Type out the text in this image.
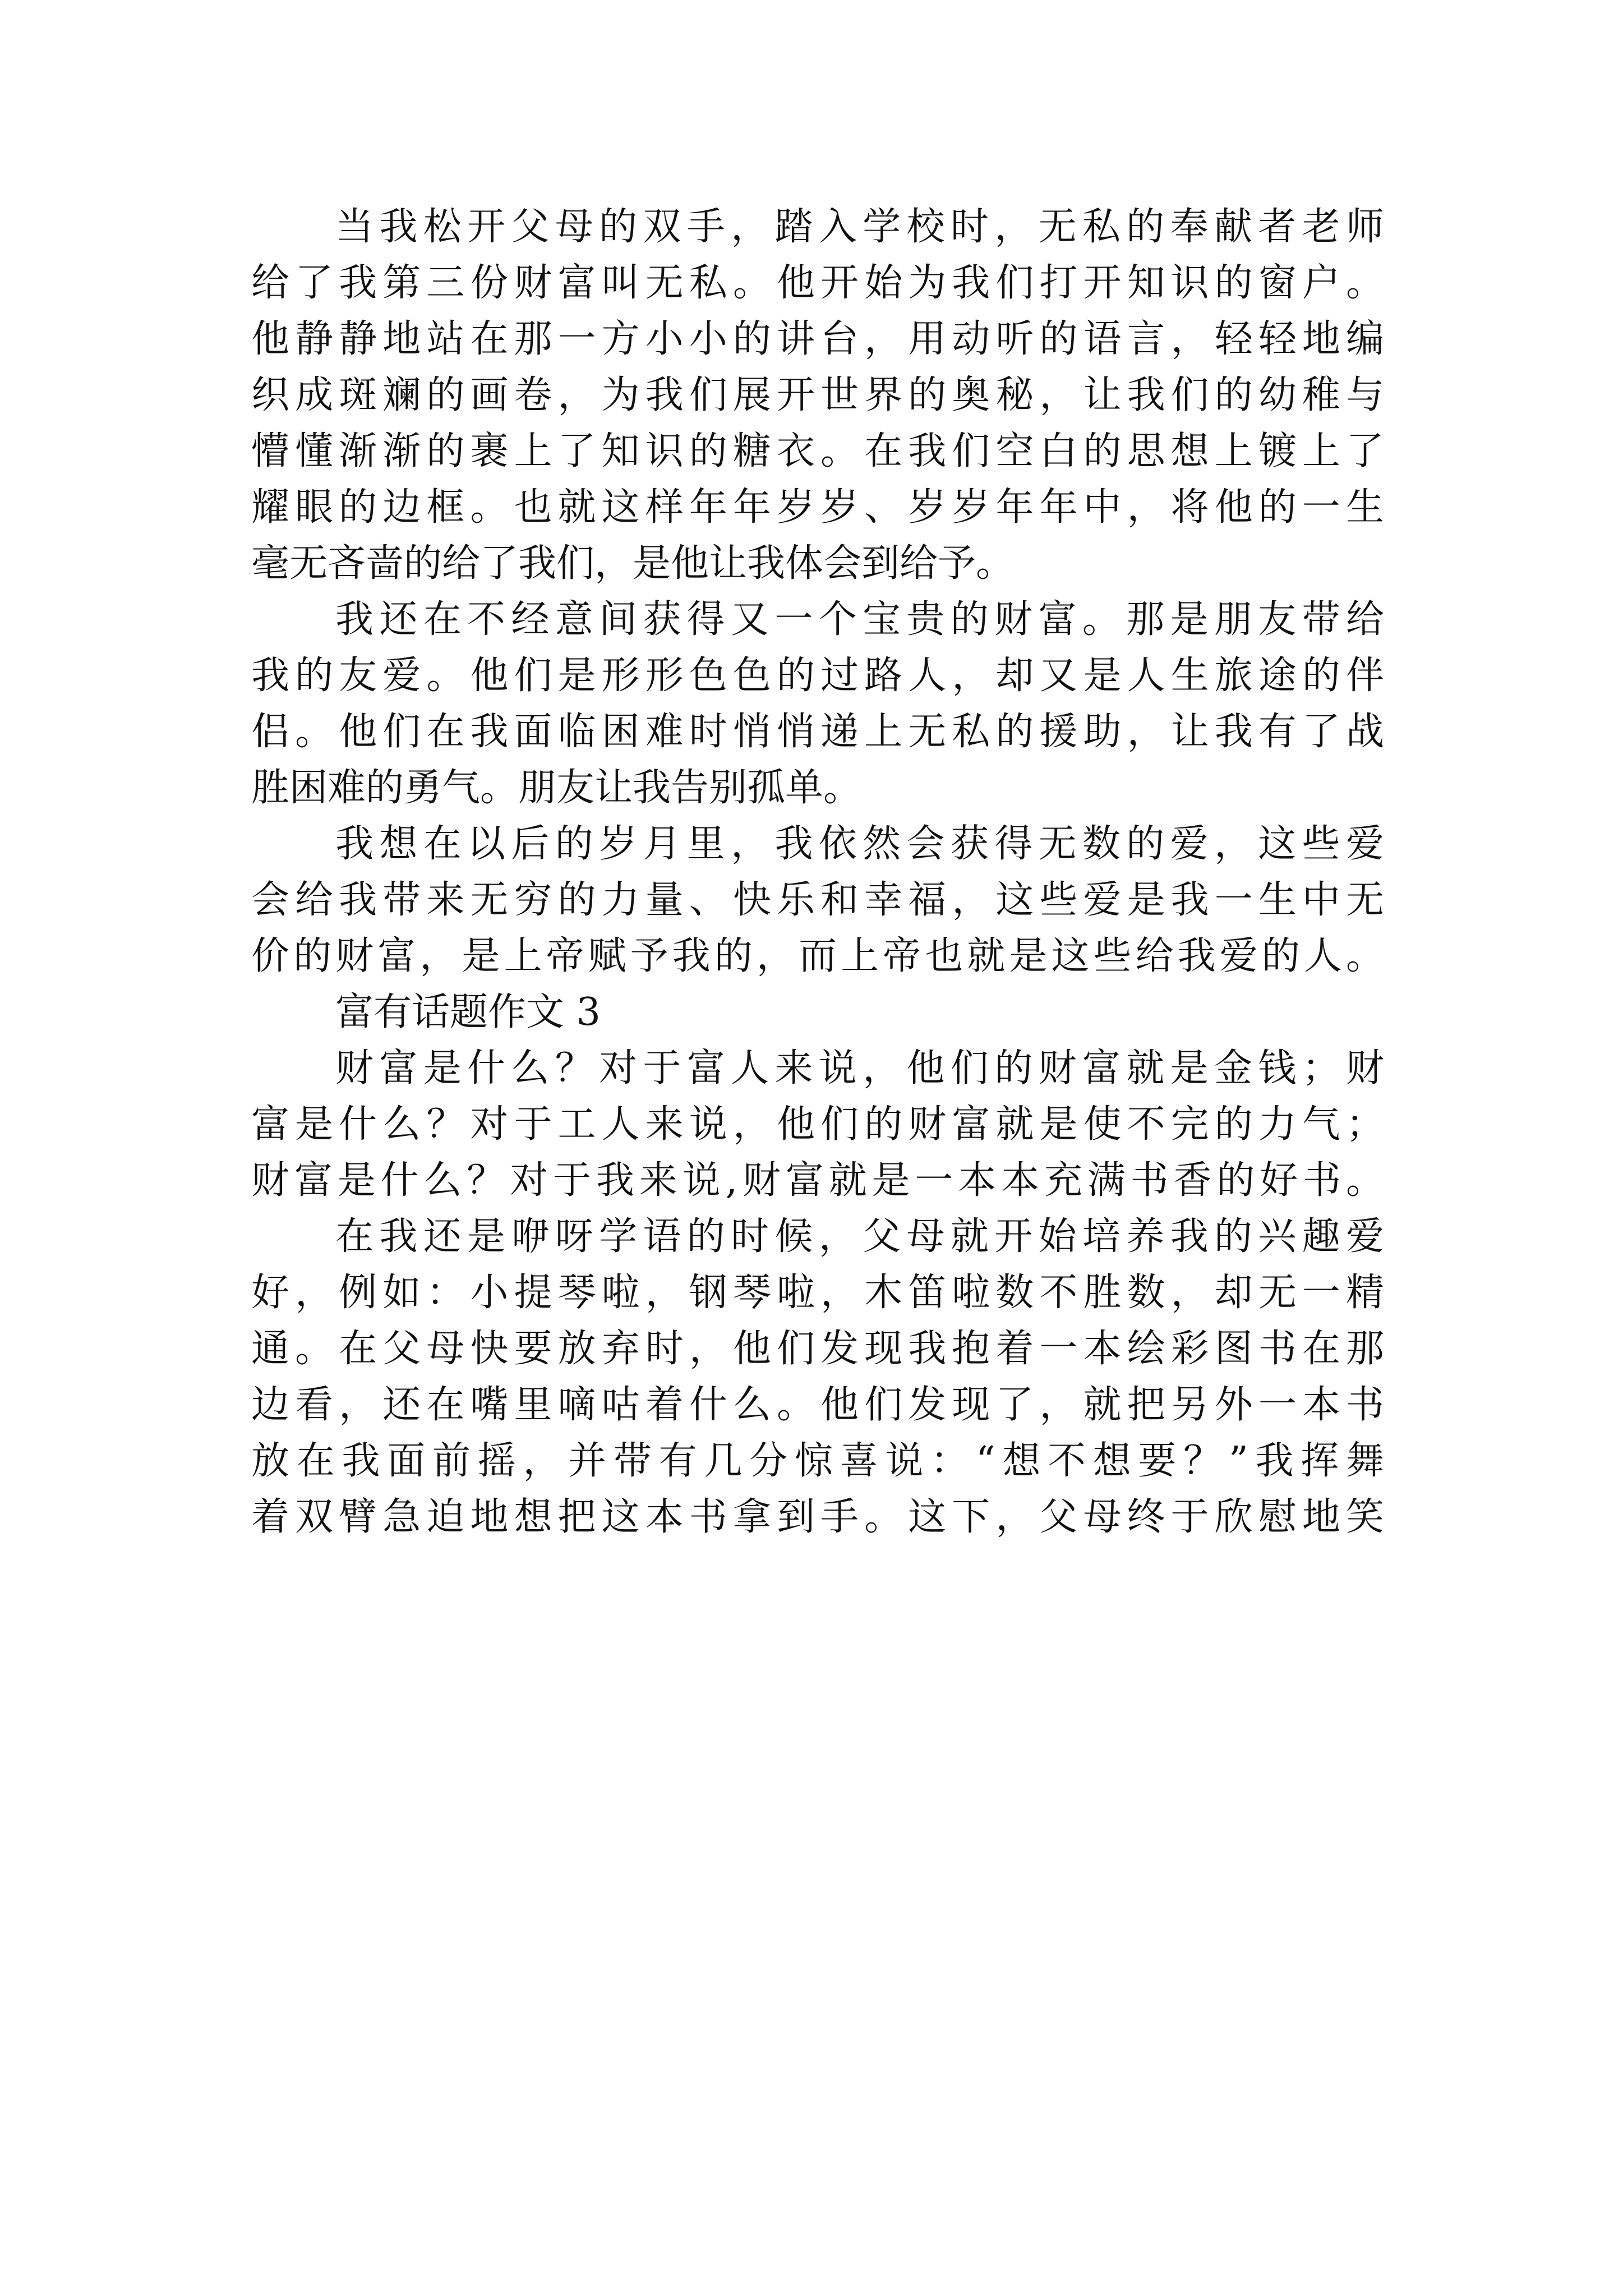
当我松开父母的双手，踏入学校时，无私的奉献者老师
给了我第三份财富叫无私。他开始为我们打开知识的窗户。
他静静地站在那一方小小的讲台，用动听的语言，轻轻地编
织成斑斓的画卷，为我们展开世界的奥秘，让我们的幼稚与
懵懂渐渐的裹上了知识的糖衣。在我们空白的思想上镀上了
耀眼的边框。也就这样年年岁岁、岁岁年年中，将他的一生
毫无吝啬的给了我们，是他让我体会到给予。
我还在不经意间获得又一个宝贵的财富。那是朋友带给
我的友爱。他们是形形色色的过路人，却又是人生旅途的伴
侣。他们在我面临困难时悄悄递上无私的援助，让我有了战
胜困难的勇气。朋友让我告别孤单。
我想在以后的岁月里，我依然会获得无数的爱，这些爱
会给我带来无穷的力量、快乐和幸福，这些爱是我一生中无
价的财富，是上帝赋予我的，而上帝也就是这些给我爱的人。
富有话题作文 3
财富是什么？对于富人来说，他们的财富就是金钱；财
富是什么？对于工人来说，他们的财富就是使不完的力气；
财富是什么？对于我来说,财富就是一本本充满书香的好书。
在我还是咿呀学语的时候，父母就开始培养我的兴趣爱
好，例如：小提琴啦，钢琴啦，木笛啦数不胜数，却无一精
通。在父母快要放弃时，他们发现我抱着一本绘彩图书在那
边看，还在嘴里嘀咕着什么。他们发现了，就把另外一本书
放在我面前摇，并带有几分惊喜说：“想不想要？”我挥舞
着双臂急迫地想把这本书拿到手。这下，父母终于欣慰地笑
